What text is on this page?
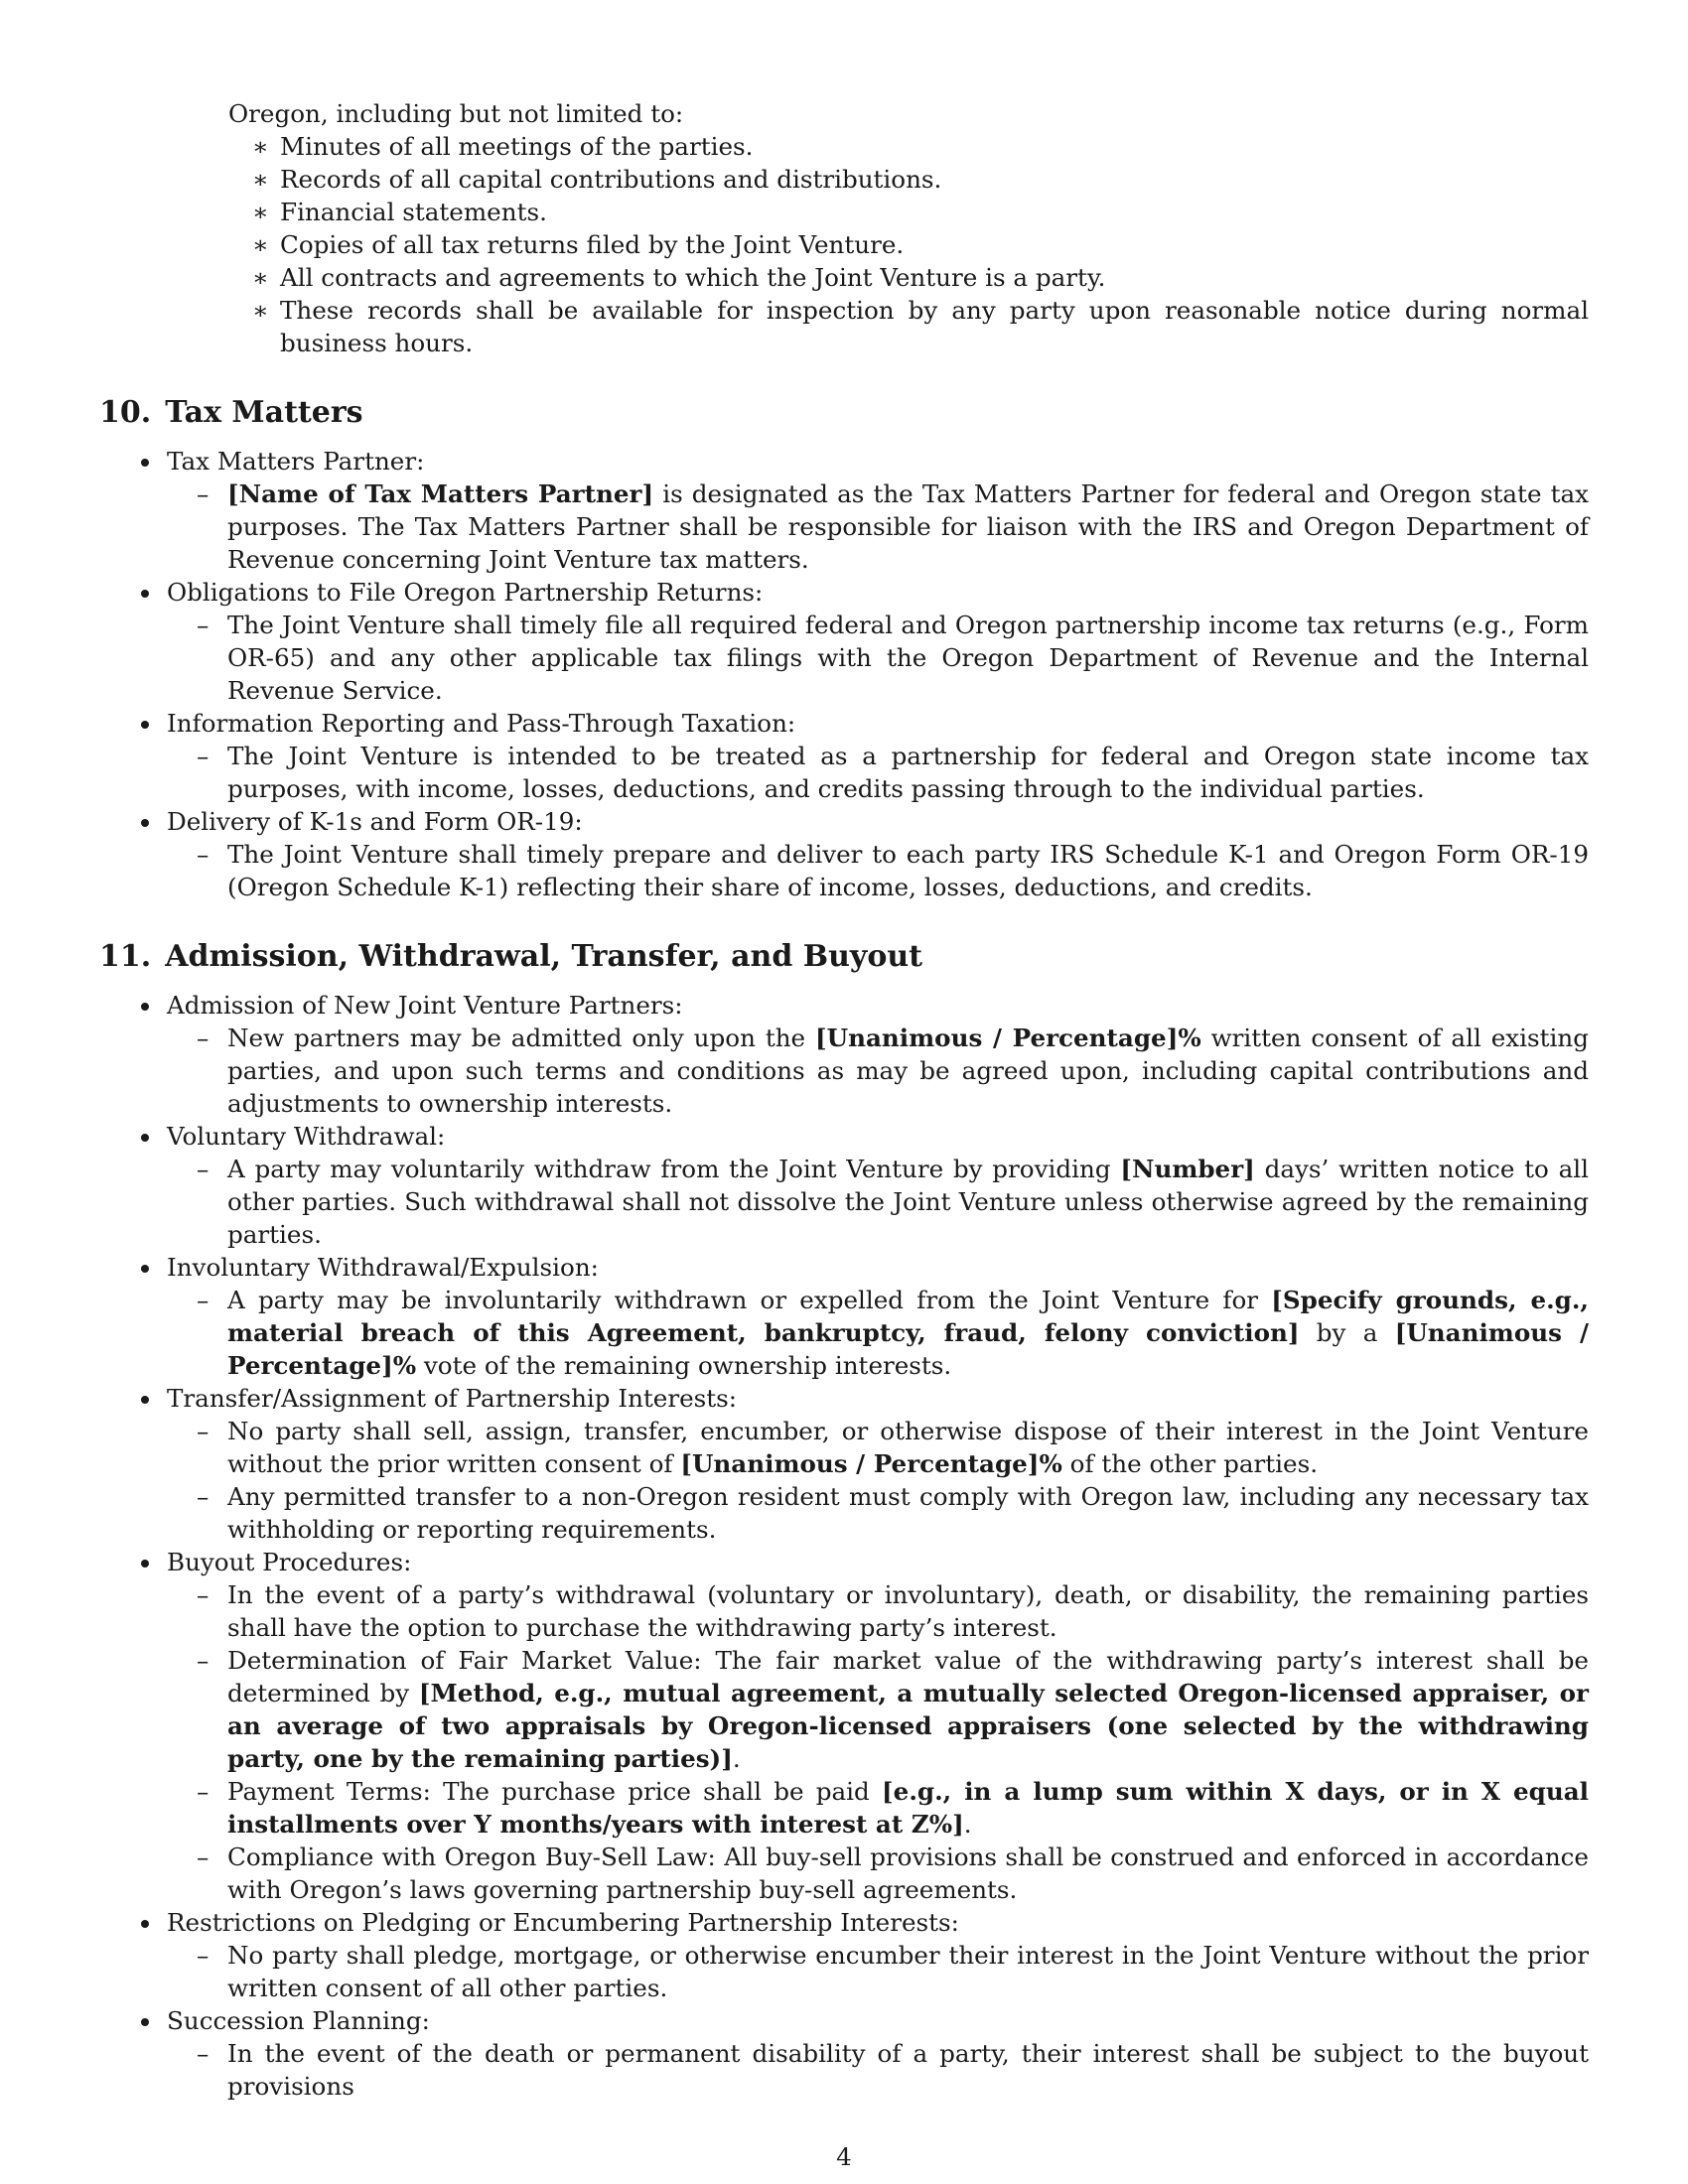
Oregon, including but not limited to:
∗ Minutes of all meetings of the parties.
∗ Records of all capital contributions and distributions.
∗ Financial statements.
∗ Copies of all tax returns filed by the Joint Venture.
∗ All contracts and agreements to which the Joint Venture is a party.
∗ These records shall be available for inspection by any party upon reasonable notice during normal business hours.
10. Tax Matters
Tax Matters Partner:
– [Name of Tax Matters Partner] is designated as the Tax Matters Partner for federal and Oregon state tax purposes. The Tax Matters Partner shall be responsible for liaison with the IRS and Oregon Department of Revenue concerning Joint Venture tax matters.
Obligations to File Oregon Partnership Returns:
– The Joint Venture shall timely file all required federal and Oregon partnership income tax returns (e.g., Form OR-65) and any other applicable tax filings with the Oregon Department of Revenue and the Internal Revenue Service.
Information Reporting and Pass-Through Taxation:
– The Joint Venture is intended to be treated as a partnership for federal and Oregon state income tax purposes, with income, losses, deductions, and credits passing through to the individual parties.
Delivery of K-1s and Form OR-19:
– The Joint Venture shall timely prepare and deliver to each party IRS Schedule K-1 and Oregon Form OR-19 (Oregon Schedule K-1) reflecting their share of income, losses, deductions, and credits.
11. Admission, Withdrawal, Transfer, and Buyout
Admission of New Joint Venture Partners:
– New partners may be admitted only upon the [Unanimous / Percentage]% written consent of all existing parties, and upon such terms and conditions as may be agreed upon, including capital contributions and adjustments to ownership interests.
Voluntary Withdrawal:
– A party may voluntarily withdraw from the Joint Venture by providing [Number] days’ written notice to all other parties. Such withdrawal shall not dissolve the Joint Venture unless otherwise agreed by the remaining parties.
Involuntary Withdrawal/Expulsion:
– A party may be involuntarily withdrawn or expelled from the Joint Venture for [Specify grounds, e.g., material breach of this Agreement, bankruptcy, fraud, felony conviction] by a [Unanimous / Percentage]% vote of the remaining ownership interests.
Transfer/Assignment of Partnership Interests:
– No party shall sell, assign, transfer, encumber, or otherwise dispose of their interest in the Joint Venture without the prior written consent of [Unanimous / Percentage]% of the other parties.
– Any permitted transfer to a non-Oregon resident must comply with Oregon law, including any necessary tax withholding or reporting requirements.
Buyout Procedures:
– In the event of a party’s withdrawal (voluntary or involuntary), death, or disability, the remaining parties shall have the option to purchase the withdrawing party’s interest.
– Determination of Fair Market Value: The fair market value of the withdrawing party’s interest shall be determined by [Method, e.g., mutual agreement, a mutually selected Oregon-licensed appraiser, or an average of two appraisals by Oregon-licensed appraisers (one selected by the withdrawing party, one by the remaining parties)].
– Payment Terms: The purchase price shall be paid [e.g., in a lump sum within X days, or in X equal installments over Y months/years with interest at Z%].
– Compliance with Oregon Buy-Sell Law: All buy-sell provisions shall be construed and enforced in accordance with Oregon’s laws governing partnership buy-sell agreements.
Restrictions on Pledging or Encumbering Partnership Interests:
– No party shall pledge, mortgage, or otherwise encumber their interest in the Joint Venture without the prior written consent of all other parties.
Succession Planning:
– In the event of the death or permanent disability of a party, their interest shall be subject to the buyout provisions
4
